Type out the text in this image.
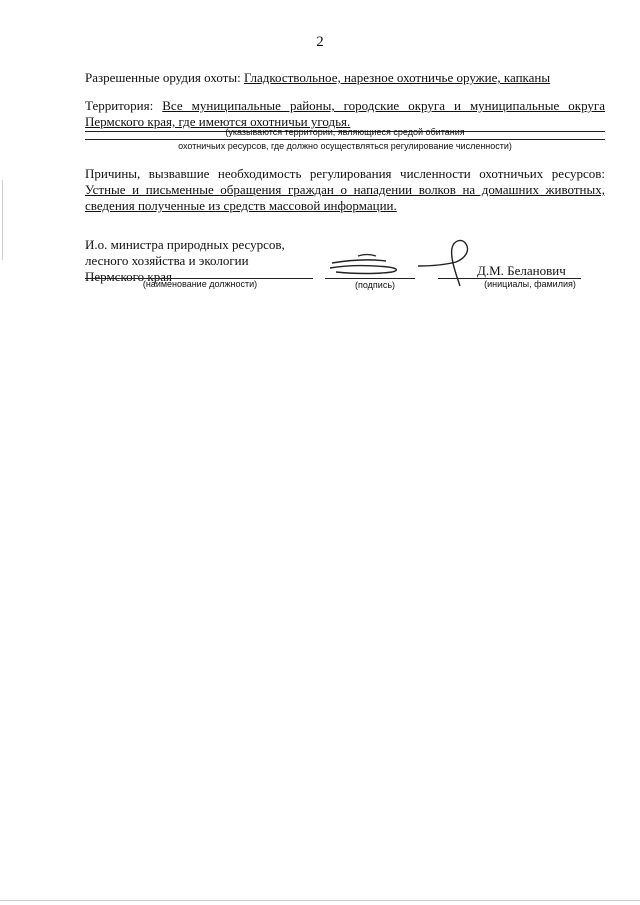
2
Разрешенные орудия охоты: Гладкоствольное, нарезное охотничье оружие, капканы
Территория: Все муниципальные районы, городские округа и муниципальные округа
Пермского края, где имеются охотничьи угодья.
(указываются территории, являющиеся средой обитания
охотничьих ресурсов, где должно осуществляться регулирование численности)
Причины, вызвавшие необходимость регулирования численности охотничьих ресурсов:
Устные и письменные обращения граждан о нападении волков на домашних животных,
сведения полученные из средств массовой информации.
И.о. министра природных ресурсов,
лесного хозяйства и экологии
Пермского края	Д.М. Беланович
(наименование должности)	(подпись)	(инициалы, фамилия)
